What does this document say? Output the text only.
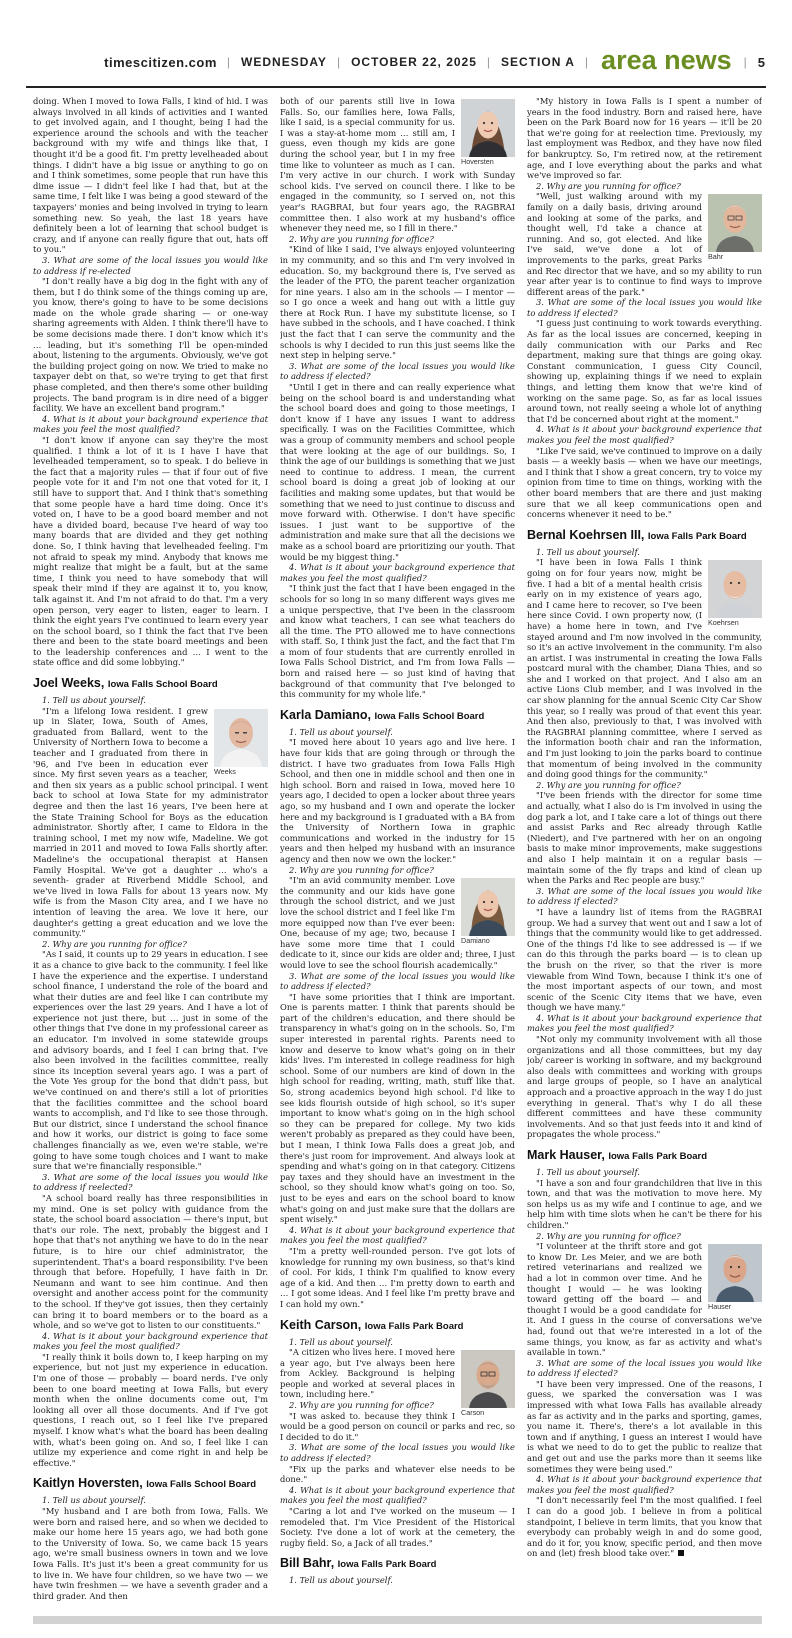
timescitizen.com | WEDNESDAY | OCTOBER 22, 2025 | SECTION A | area news | 5

doing. When I moved to Iowa Falls, I kind of hid. I was always involved in all kinds of activities and I wanted to get involved again, and I thought, being I had the experience around the schools and with the teacher background with my wife and things like that, I thought it'd be a good fit. I'm pretty levelheaded about things. I didn't have a big issue or anything to go on and I think sometimes, some people that run have this dime issue — I didn't feel like I had that, but at the same time, I felt like I was being a good steward of the taxpayers' monies and being involved in trying to learn something new. So yeah, the last 18 years have definitely been a lot of learning that school budget is crazy, and if anyone can really figure that out, hats off to you."

3. What are some of the local issues you would like to address if re-elected

"I don't really have a big dog in the fight with any of them, but I do think some of the things coming up are, you know, there's going to have to be some decisions made on the whole grade sharing — or one-way sharing agreements with Alden. I think there'll have to be some decisions made there. I don't know which it's … leading, but it's something I'll be open-minded about, listening to the arguments. Obviously, we've got the building project going on now. We tried to make no taxpayer debt on that, so we're trying to get that first phase completed, and then there's some other building projects. The band program is in dire need of a bigger facility. We have an excellent band program."

4. What is it about your background experience that makes you feel the most qualified?

"I don't know if anyone can say they're the most qualified. I think a lot of it is I have I have that levelheaded temperament, so to speak. I do believe in the fact that a majority rules — that if four out of five people vote for it and I'm not one that voted for it, I still have to support that. And I think that's something that some people have a hard time doing. Once it's voted on, I have to be a good board member and not have a divided board, because I've heard of way too many boards that are divided and they get nothing done. So, I think having that levelheaded feeling. I'm not afraid to speak my mind. Anybody that knows me might realize that might be a fault, but at the same time, I think you need to have somebody that will speak their mind if they are against it to, you know, talk against it. And I'm not afraid to do that. I'm a very open person, very eager to listen, eager to learn. I think the eight years I've continued to learn every year on the school board, so I think the fact that I've been there and been to the state board meetings and been to the leadership conferences and … I went to the state office and did some lobbying."

Joel Weeks, Iowa Falls School Board

1. Tell us about yourself.

Weeks

"I'm a lifelong Iowa resident. I grew up in Slater, Iowa, South of Ames, graduated from Ballard, went to the University of Northern Iowa to become a teacher and I graduated from there in '96, and I've been in education ever since. My first seven years as a teacher, and then six years as a public school principal. I went back to school at Iowa State for my administrator degree and then the last 16 years, I've been here at the State Training School for Boys as the education administrator. Shortly after, I came to Eldora in the training school, I met my now wife, Madeline. We got married in 2011 and moved to Iowa Falls shortly after. Madeline's the occupational therapist at Hansen Family Hospital. We've got a daughter … who's a seventh- grader at Riverbend Middle School, and we've lived in Iowa Falls for about 13 years now. My wife is from the Mason City area, and I we have no intention of leaving the area. We love it here, our daughter's getting a great education and we love the community."

2. Why are you running for office?

"As I said, it counts up to 29 years in education. I see it as a chance to give back to the community. I feel like I have the experience and the expertise. I understand school finance, I understand the role of the board and what their duties are and feel like I can contribute my experiences over the last 29 years. And I have a lot of experience not just there, but … just in some of the other things that I've done in my professional career as an educator. I'm involved in some statewide groups and advisory boards, and I feel I can bring that. I've also been involved in the facilities committee, really since its inception several years ago. I was a part of the Vote Yes group for the bond that didn't pass, but we've continued on and there's still a lot of priorities that the facilities committee and the school board wants to accomplish, and I'd like to see those through. But our district, since I understand the school finance and how it works, our district is going to face some challenges financially as we, even we're stable, we're going to have some tough choices and I want to make sure that we're financially responsible."

3. What are some of the local issues you would like to address if reelected?

"A school board really has three responsibilities in my mind. One is set policy with guidance from the state, the school board association — there's input, but that's our role. The next, probably the biggest and I hope that that's not anything we have to do in the near future, is to hire our chief administrator, the superintendent. That's a board responsibility. I've been through that before. Hopefully, I have faith in Dr. Neumann and want to see him continue. And then oversight and another access point for the community to the school. If they've got issues, then they certainly can bring it to board members or to the board as a whole, and so we've got to listen to our constituents."

4. What is it about your background experience that makes you feel the most qualified?

"I really think it boils down to, I keep harping on my experience, but not just my experience in education. I'm one of those — probably — board nerds. I've only been to one board meeting at Iowa Falls, but every month when the online documents come out, I'm looking all over all those documents. And if I've got questions, I reach out, so I feel like I've prepared myself. I know what's what the board has been dealing with, what's been going on. And so, I feel like I can utilize my experience and come right in and help be effective."

Kaitlyn Hoversten, Iowa Falls School Board

1. Tell us about yourself.

"My husband and I are both from Iowa, Falls. We were born and raised here, and so when we decided to make our home here 15 years ago, we had both gone to the University of Iowa. So, we came back 15 years ago, we're small business owners in town and we love Iowa Falls. It's just it's been a great community for us to live in. We have four children, so we have two — we have twin freshmen — we have a seventh grader and a third grader. And then

Hoversten

both of our parents still live in Iowa Falls. So, our families here, Iowa Falls, like I said, is a special community for us. I was a stay-at-home mom … still am, I guess, even though my kids are gone during the school year, but I in my free time like to volunteer as much as I can. I'm very active in our church. I work with Sunday school kids. I've served on council there. I like to be engaged in the community, so I served on, not this year's RAGBRAI, but four years ago, the RAGBRAI committee then. I also work at my husband's office whenever they need me, so I fill in there."

2. Why are you running for office?

"Kind of like I said, I've always enjoyed volunteering in my community, and so this and I'm very involved in education. So, my background there is, I've served as the leader of the PTO, the parent teacher organization for nine years. I also am in the schools — I mentor — so I go once a week and hang out with a little guy there at Rock Run. I have my substitute license, so I have subbed in the schools, and I have coached. I think just the fact that I can serve the community and the schools is why I decided to run this just seems like the next step in helping serve."

3. What are some of the local issues you would like to address if elected?

"Until I get in there and can really experience what being on the school board is and understanding what the school board does and going to those meetings, I don't know if I have any issues I want to address specifically. I was on the Facilities Committee, which was a group of community members and school people that were looking at the age of our buildings. So, I think the age of our buildings is something that we just need to continue to address. I mean, the current school board is doing a great job of looking at our facilities and making some updates, but that would be something that we need to just continue to discuss and move forward with. Otherwise. I don't have specific issues. I just want to be supportive of the administration and make sure that all the decisions we make as a school board are prioritizing our youth. That would be my biggest thing."

4. What is it about your background experience that makes you feel the most qualified?

"I think just the fact that I have been engaged in the schools for so long in so many different ways gives me a unique perspective, that I've been in the classroom and know what teachers, I can see what teachers do all the time. The PTO allowed me to have connections with staff. So, I think just the fact, and the fact that I'm a mom of four students that are currently enrolled in Iowa Falls School District, and I'm from Iowa Falls — born and raised here — so just kind of having that background of that community that I've belonged to this community for my whole life."

Karla Damiano, Iowa Falls School Board

1. Tell us about yourself.

"I moved here about 10 years ago and live here. I have four kids that are going through or through the district. I have two graduates from Iowa Falls High School, and then one in middle school and then one in high school. Born and raised in Iowa, moved here 10 years ago, I decided to open a locker about three years ago, so my husband and I own and operate the locker here and my background is I graduated with a BA from the University of Northern Iowa in graphic communications and worked in the industry for 15 years and then helped my husband with an insurance agency and then now we own the locker."

2. Why are you running for office?

Damiano

"I'm an avid community member. Love the community and our kids have gone through the school district, and we just love the school district and I feel like I'm more equipped now than I've ever been: One, because of my age; two, because I have some more time that I could dedicate to it, since our kids are older and; three, I just would love to see the school flourish academically."

3. What are some of the local issues you would like to address if elected?

"I have some priorities that I think are important. One is parents matter. I think that parents should be part of the children's education, and there should be transparency in what's going on in the schools. So, I'm super interested in parental rights. Parents need to know and deserve to know what's going on in their kids' lives. I'm interested in college readiness for high school. Some of our numbers are kind of down in the high school for reading, writing, math, stuff like that. So, strong academics beyond high school. I'd like to see kids flourish outside of high school, so it's super important to know what's going on in the high school so they can be prepared for college. My two kids weren't probably as prepared as they could have been, but I mean, I think Iowa Falls does a great job, and there's just room for improvement. And always look at spending and what's going on in that category. Citizens pay taxes and they should have an investment in the school, so they should know what's going on too. So, just to be eyes and ears on the school board to know what's going on and just make sure that the dollars are spent wisely."

4. What is it about your background experience that makes you feel the most qualified?

"I'm a pretty well-rounded person. I've got lots of knowledge for running my own business, so that's kind of cool. For kids, I think I'm qualified to know every age of a kid. And then … I'm pretty down to earth and … I got some ideas. And I feel like I'm pretty brave and I can hold my own."

Keith Carson, Iowa Falls Park Board

1. Tell us about yourself.

Carson

"A citizen who lives here. I moved here a year ago, but I've always been here from Ackley. Background is helping people and worked at several places in town, including here."

2. Why are you running for office?

"I was asked to. because they think I would be a good person on council or parks and rec, so I decided to do it."

3. What are some of the local issues you would like to address if elected?

"Fix up the parks and whatever else needs to be done."

4. What is it about your background experience that makes you feel the most qualified?

"Caring a lot and I've worked on the museum — I remodeled that. I'm Vice President of the Historical Society. I've done a lot of work at the cemetery, the rugby field. So, a Jack of all trades."

Bill Bahr, Iowa Falls Park Board

1. Tell us about yourself.

"My history in Iowa Falls is I spent a number of years in the food industry. Born and raised here, have been on the Park Board now for 16 years — it'll be 20 that we're going for at reelection time. Previously, my last employment was Redbox, and they have now filed for bankruptcy. So, I'm retired now, at the retirement age, and I love everything about the parks and what we've improved so far.

2. Why are you running for office?

Bahr

"Well, just walking around with my family on a daily basis, driving around and looking at some of the parks, and thought well, I'd take a chance at running. And so, got elected. And like I've said, we've done a lot of improvements to the parks, great Parks and Rec director that we have, and so my ability to run year after year is to continue to find ways to improve different areas of the park."

3. What are some of the local issues you would like to address if elected?

"I guess just continuing to work towards everything. As far as the local issues are concerned, keeping in daily communication with our Parks and Rec department, making sure that things are going okay. Constant communication, I guess City Council, showing up, explaining things if we need to explain things, and letting them know that we're kind of working on the same page. So, as far as local issues around town, not really seeing a whole lot of anything that I'd be concerned about right at the moment."

4. What is it about your background experience that makes you feel the most qualified?

"Like I've said, we've continued to improve on a daily basis — a weekly basis — when we have our meetings, and I think that I show a great concern, try to voice my opinion from time to time on things, working with the other board members that are there and just making sure that we all keep communications open and concerns whenever it need to be."

Bernal Koehrsen III, Iowa Falls Park Board

1. Tell us about yourself.

Koehrsen

"I have been in Iowa Falls I think going on for four years now, might be five. I had a bit of a mental health crisis early on in my existence of years ago, and I came here to recover, so I've been here since Covid. I own property now, (I have) a home here in town, and I've stayed around and I'm now involved in the community, so it's an active involvement in the community. I'm also an artist. I was instrumental in creating the Iowa Falls postcard mural with the chamber, Diana Thies, and so she and I worked on that project. And I also am an active Lions Club member, and I was involved in the car show planning for the annual Scenic City Car Show this year, so I really was proud of that event this year. And then also, previously to that, I was involved with the RAGBRAI planning committee, where I served as the information booth chair and ran the information, and I'm just looking to join the parks board to continue that momentum of being involved in the community and doing good things for the community."

2. Why are you running for office?

"I've been friends with the director for some time and actually, what I also do is I'm involved in using the dog park a lot, and I take care a lot of things out there and assist Parks and Rec already through Katlie (Niedert), and I've partnered with her on an ongoing basis to make minor improvements, make suggestions and also I help maintain it on a regular basis — maintain some of the fly traps and kind of clean up when the Parks and Rec people are busy."

3. What are some of the local issues you would like to address if elected?

"I have a laundry list of items from the RAGBRAI group. We had a survey that went out and I saw a lot of things that the community would like to get addressed. One of the things I'd like to see addressed is — if we can do this through the parks board — is to clean up the brush on the river, so that the river is more viewable from Wind Town, because I think it's one of the most important aspects of our town, and most scenic of the Scenic City items that we have, even though we have many."

4. What is it about your background experience that makes you feel the most qualified?

"Not only my community involvement with all those organizations and all those committees, but my day job/ career is working in software, and my background also deals with committees and working with groups and large groups of people, so I have an analytical approach and a proactive approach in the way I do just everything in general. That's why I do all these different committees and have these community involvements. And so that just feeds into it and kind of propagates the whole process."

Mark Hauser, Iowa Falls Park Board

1. Tell us about yourself.

"I have a son and four grandchildren that live in this town, and that was the motivation to move here. My son helps us as my wife and I continue to age, and we help him with time slots when he can't be there for his children."

2. Why are you running for office?

Hauser

"I volunteer at the thrift store and got to know Dr. Les Meier, and we are both retired veterinarians and realized we had a lot in common over time. And he thought I would — he was looking toward getting off the board — and thought I would be a good candidate for it. And I guess in the course of conversations we've had, found out that we're interested in a lot of the same things, you know, as far as activity and what's available in town."

3. What are some of the local issues you would like to address if elected?

"I have been very impressed. One of the reasons, I guess, we sparked the conversation was I was impressed with what Iowa Falls has available already as far as activity and in the parks and sporting, games, you name it. There's, there's a lot available in this town and if anything, I guess an interest I would have is what we need to do to get the public to realize that and get out and use the parks more than it seems like sometimes they were being used."

4. What is it about your background experience that makes you feel the most qualified?

"I don't necessarily feel I'm the most qualified. I feel I can do a good job. I believe in from a political standpoint, I believe in term limits, that you know that everybody can probably weigh in and do some good, and do it for, you know, specific period, and then move on and (let) fresh blood take over."
